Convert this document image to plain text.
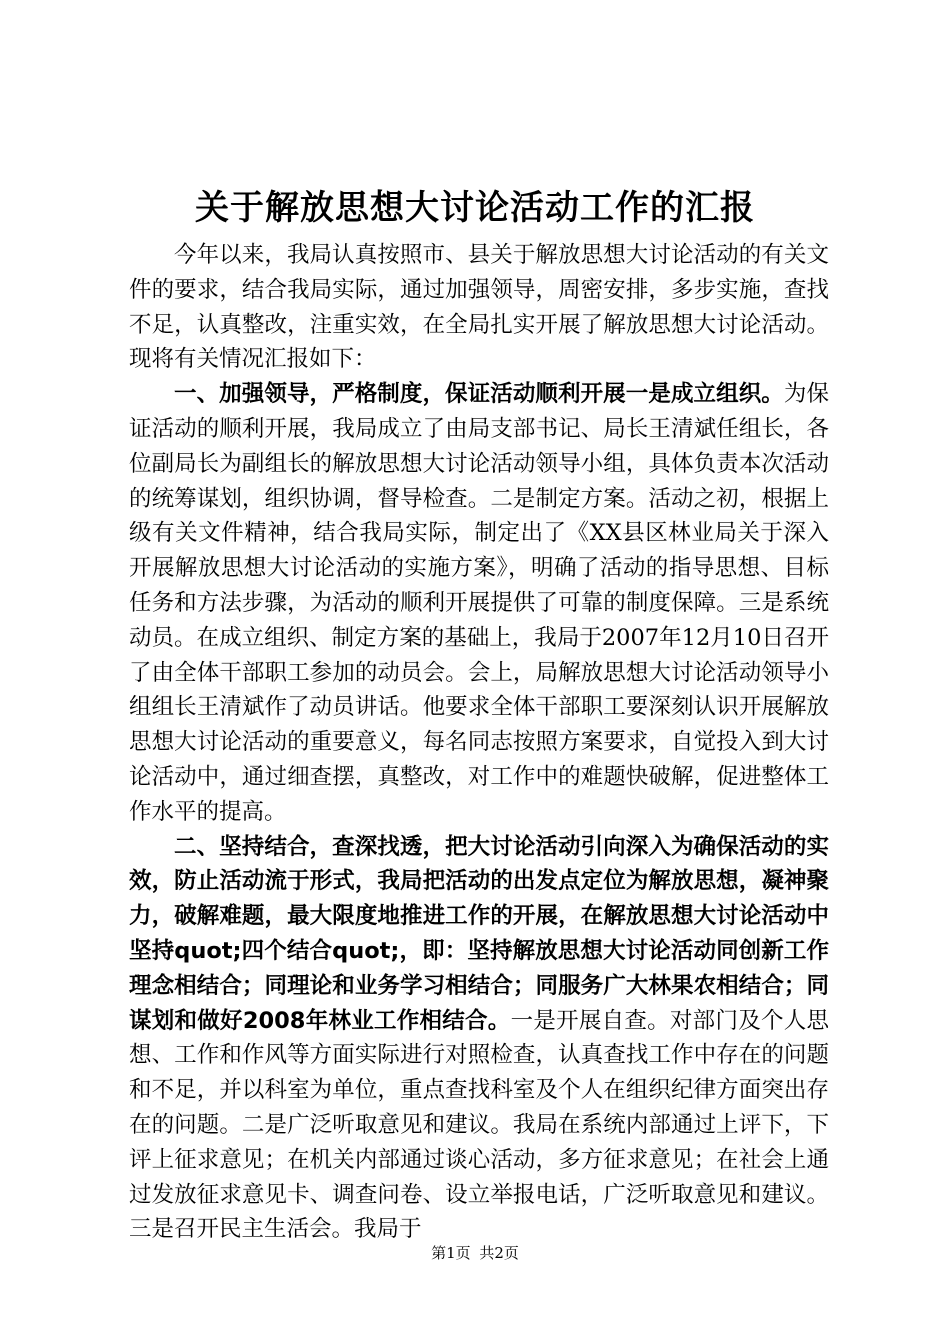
关于解放思想大讨论活动工作的汇报

今年以来，我局认真按照市、县关于解放思想大讨论活动的有关文件的要求，结合我局实际，通过加强领导，周密安排，多步实施，查找不足，认真整改，注重实效，在全局扎实开展了解放思想大讨论活动。现将有关情况汇报如下：

一、加强领导，严格制度，保证活动顺利开展一是成立组织。为保证活动的顺利开展，我局成立了由局支部书记、局长王清斌任组长，各位副局长为副组长的解放思想大讨论活动领导小组，具体负责本次活动的统筹谋划，组织协调，督导检查。二是制定方案。活动之初，根据上级有关文件精神，结合我局实际，制定出了《XX县区林业局关于深入开展解放思想大讨论活动的实施方案》，明确了活动的指导思想、目标任务和方法步骤，为活动的顺利开展提供了可靠的制度保障。三是系统动员。在成立组织、制定方案的基础上，我局于2007年12月10日召开了由全体干部职工参加的动员会。会上，局解放思想大讨论活动领导小组组长王清斌作了动员讲话。他要求全体干部职工要深刻认识开展解放思想大讨论活动的重要意义，每名同志按照方案要求，自觉投入到大讨论活动中，通过细查摆，真整改，对工作中的难题快破解，促进整体工作水平的提高。

二、坚持结合，查深找透，把大讨论活动引向深入为确保活动的实效，防止活动流于形式，我局把活动的出发点定位为解放思想，凝神聚力，破解难题，最大限度地推进工作的开展，在解放思想大讨论活动中坚持quot;四个结合quot;，即：坚持解放思想大讨论活动同创新工作理念相结合；同理论和业务学习相结合；同服务广大林果农相结合；同谋划和做好2008年林业工作相结合。一是开展自查。对部门及个人思想、工作和作风等方面实际进行对照检查，认真查找工作中存在的问题和不足，并以科室为单位，重点查找科室及个人在组织纪律方面突出存在的问题。二是广泛听取意见和建议。我局在系统内部通过上评下，下评上征求意见；在机关内部通过谈心活动，多方征求意见；在社会上通过发放征求意见卡、调查问卷、设立举报电话，广泛听取意见和建议。三是召开民主生活会。我局于

第1页 共2页
